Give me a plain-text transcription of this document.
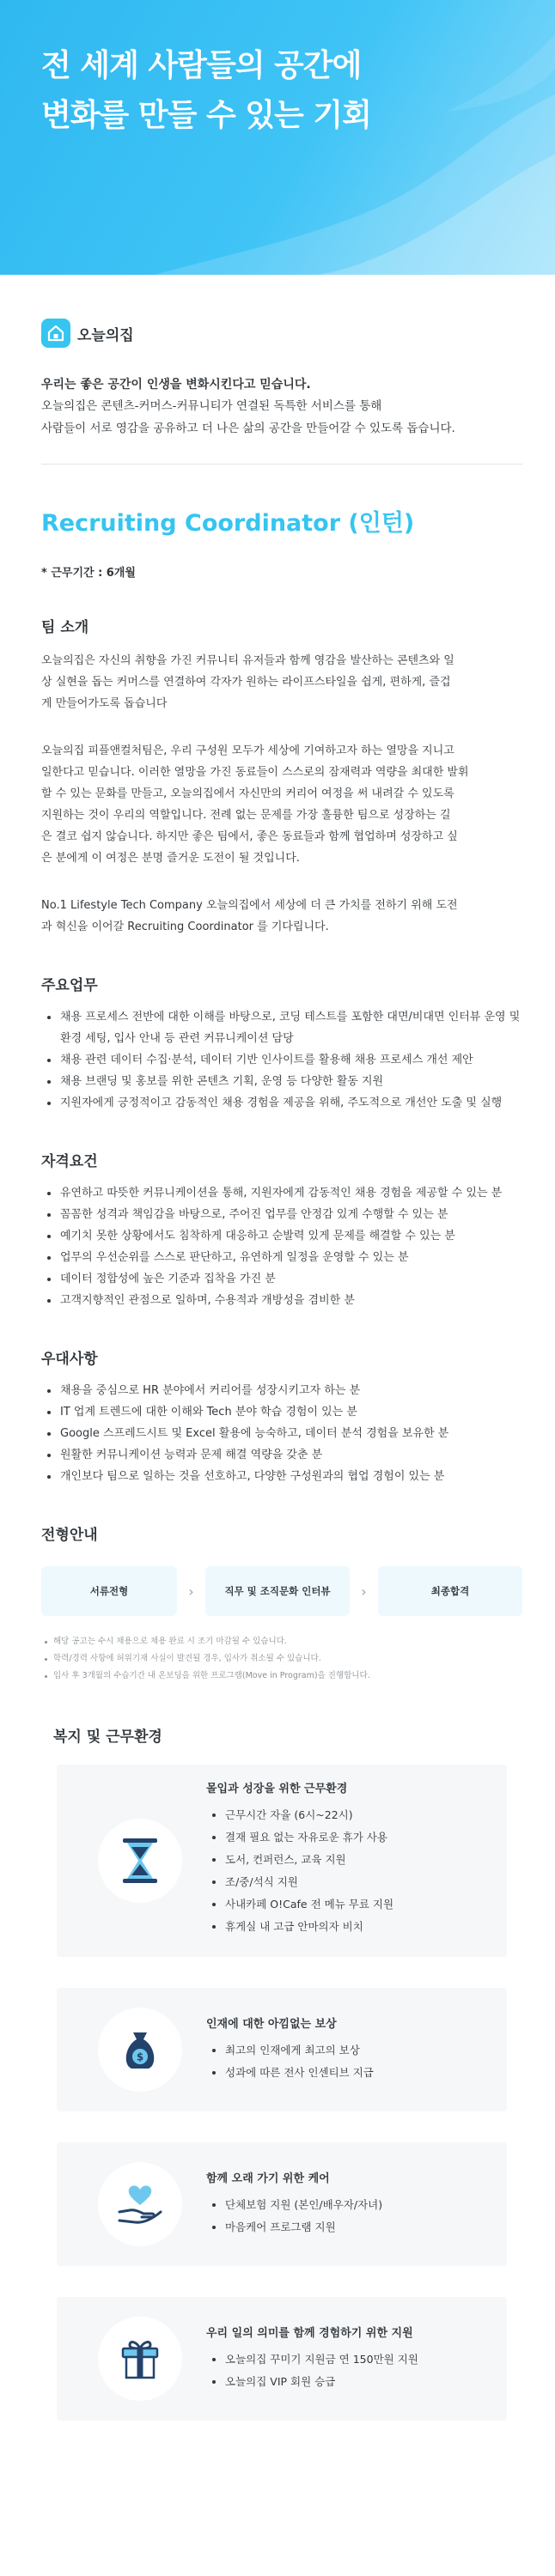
전 세계 사람들의 공간에
변화를 만들 수 있는 기회
오늘의집
우리는 좋은 공간이 인생을 변화시킨다고 믿습니다.
오늘의집은 콘텐츠-커머스-커뮤니티가 연결된 독특한 서비스를 통해
사람들이 서로 영감을 공유하고 더 나은 삶의 공간을 만들어갈 수 있도록 돕습니다.
Recruiting Coordinator (인턴)
* 근무기간 : 6개월
팀 소개
오늘의집은 자신의 취향을 가진 커뮤니티 유저들과 함께 영감을 발산하는 콘텐츠와 일
상 실현을 돕는 커머스를 연결하여 각자가 원하는 라이프스타일을 쉽게, 편하게, 즐겁
게 만들어가도록 돕습니다
오늘의집 피플앤컬처팀은, 우리 구성원 모두가 세상에 기여하고자 하는 열망을 지니고
일한다고 믿습니다. 이러한 열망을 가진 동료들이 스스로의 잠재력과 역량을 최대한 발휘
할 수 있는 문화를 만들고, 오늘의집에서 자신만의 커리어 여정을 써 내려갈 수 있도록
지원하는 것이 우리의 역할입니다. 전례 없는 문제를 가장 훌륭한 팀으로 성장하는 길
은 결코 쉽지 않습니다. 하지만 좋은 팀에서, 좋은 동료들과 함께 협업하며 성장하고 싶
은 분에게 이 여정은 분명 즐거운 도전이 될 것입니다.
No.1 Lifestyle Tech Company 오늘의집에서 세상에 더 큰 가치를 전하기 위해 도전
과 혁신을 이어갈 Recruiting Coordinator 를 기다립니다.
주요업무
채용 프로세스 전반에 대한 이해를 바탕으로, 코딩 테스트를 포함한 대면/비대면 인터뷰 운영 및 환경 세팅, 입사 안내 등 관련 커뮤니케이션 담당
채용 관련 데이터 수집·분석, 데이터 기반 인사이트를 활용해 채용 프로세스 개선 제안
채용 브랜딩 및 홍보를 위한 콘텐츠 기획, 운영 등 다양한 활동 지원
지원자에게 긍정적이고 감동적인 채용 경험을 제공을 위해, 주도적으로 개선안 도출 및 실행
자격요건
유연하고 따뜻한 커뮤니케이션을 통해, 지원자에게 감동적인 채용 경험을 제공할 수 있는 분
꼼꼼한 성격과 책임감을 바탕으로, 주어진 업무를 안정감 있게 수행할 수 있는 분
예기치 못한 상황에서도 침착하게 대응하고 순발력 있게 문제를 해결할 수 있는 분
업무의 우선순위를 스스로 판단하고, 유연하게 일정을 운영할 수 있는 분
데이터 정합성에 높은 기준과 집착을 가진 분
고객지향적인 관점으로 일하며, 수용적과 개방성을 겸비한 분
우대사항
채용을 중심으로 HR 분야에서 커리어를 성장시키고자 하는 분
IT 업계 트렌드에 대한 이해와 Tech 분야 학습 경험이 있는 분
Google 스프레드시트 및 Excel 활용에 능숙하고, 데이터 분석 경험을 보유한 분
원활한 커뮤니케이션 능력과 문제 해결 역량을 갖춘 분
개인보다 팀으로 일하는 것을 선호하고, 다양한 구성원과의 협업 경험이 있는 분
전형안내
서류전형	›	직무 및 조직문화 인터뷰	›	최종합격
해당 공고는 수시 채용으로 채용 완료 시 조기 마감될 수 있습니다.
학력/경력 사항에 허위기재 사실이 발견될 경우, 입사가 취소될 수 있습니다.
입사 후 3개월의 수습기간 내 온보딩을 위한 프로그램(Move in Program)을 진행합니다.
복지 및 근무환경
몰입과 성장을 위한 근무환경
근무시간 자율 (6시~22시)
결재 필요 없는 자유로운 휴가 사용
도서, 컨퍼런스, 교육 지원
조/중/석식 지원
사내카페 O!Cafe 전 메뉴 무료 지원
휴게실 내 고급 안마의자 비치
$
인재에 대한 아낌없는 보상
최고의 인재에게 최고의 보상
성과에 따른 전사 인센티브 지급
함께 오래 가기 위한 케어
단체보험 지원 (본인/배우자/자녀)
마음케어 프로그램 지원
우리 일의 의미를 함께 경험하기 위한 지원
오늘의집 꾸미기 지원금 연 150만원 지원
오늘의집 VIP 회원 승급
